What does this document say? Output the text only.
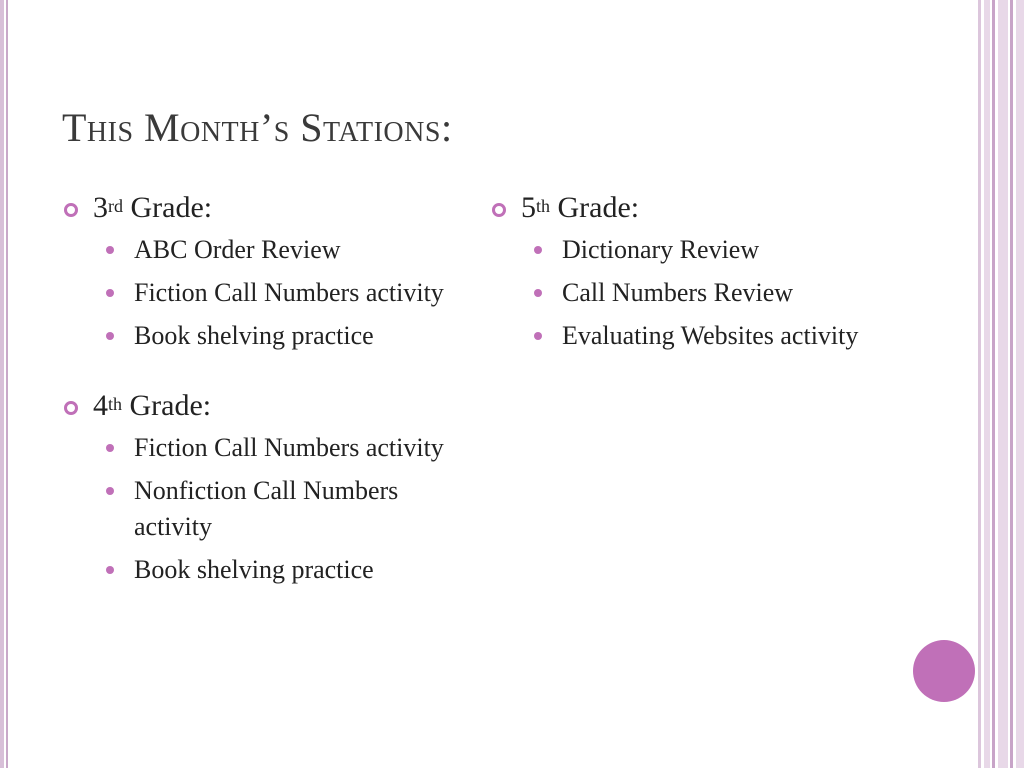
This Month’s Stations:
3rd Grade:
ABC Order Review
Fiction Call Numbers activity
Book shelving practice
4th Grade:
Fiction Call Numbers activity
Nonfiction Call Numbers activity
Book shelving practice
5th Grade:
Dictionary Review
Call Numbers Review
Evaluating Websites activity
